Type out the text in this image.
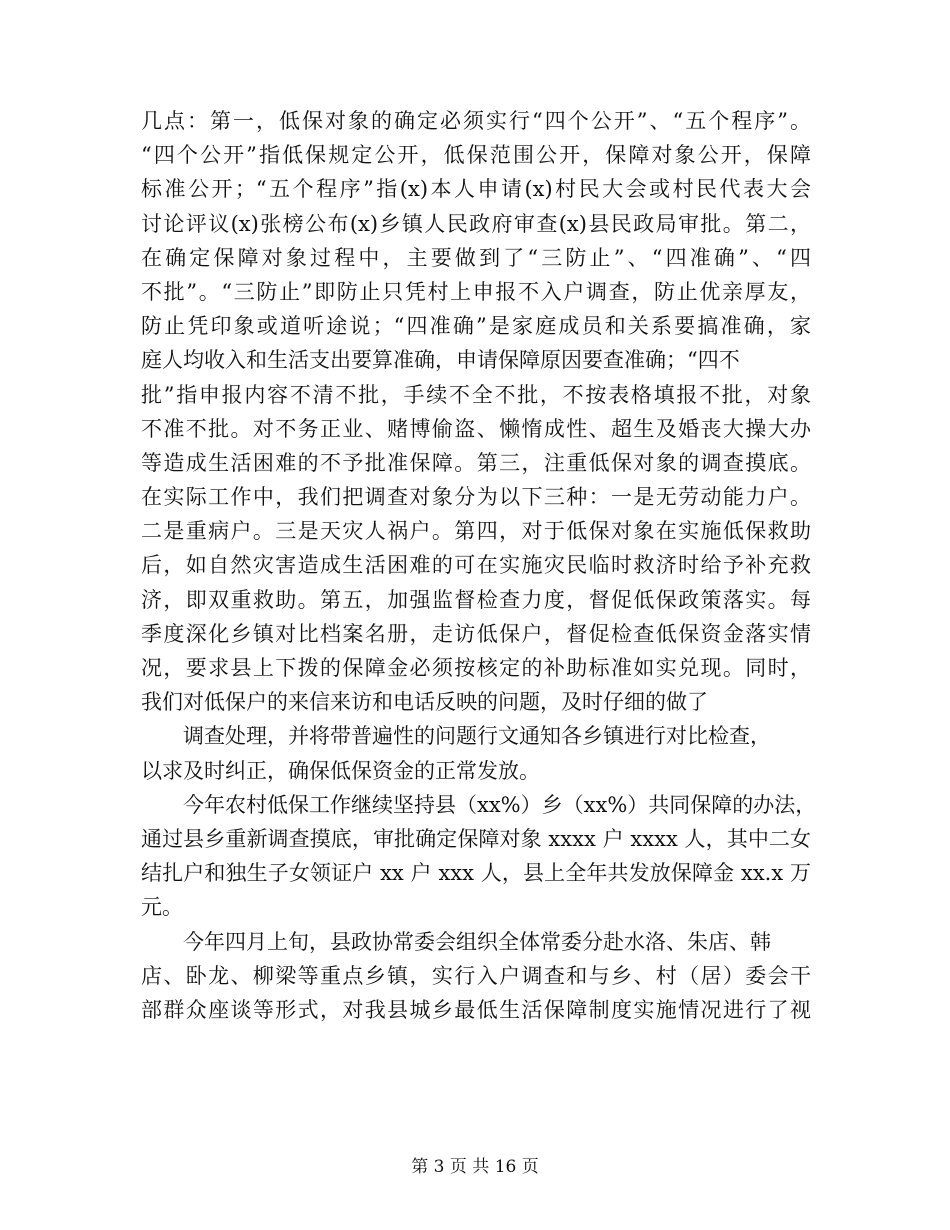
几点：第一，低保对象的确定必须实行“四个公开”、“五个程序”。
“四个公开”指低保规定公开，低保范围公开，保障对象公开，保障
标准公开；“五个程序”指(x)本人申请(x)村民大会或村民代表大会
讨论评议(x)张榜公布(x)乡镇人民政府审查(x)县民政局审批。第二，
在确定保障对象过程中，主要做到了“三防止”、“四准确”、“四
不批”。“三防止”即防止只凭村上申报不入户调查，防止优亲厚友，
防止凭印象或道听途说；“四准确”是家庭成员和关系要搞准确，家
庭人均收入和生活支出要算准确，申请保障原因要查准确；“四不
批”指申报内容不清不批，手续不全不批，不按表格填报不批，对象
不准不批。对不务正业、赌博偷盗、懒惰成性、超生及婚丧大操大办
等造成生活困难的不予批准保障。第三，注重低保对象的调查摸底。
在实际工作中，我们把调查对象分为以下三种：一是无劳动能力户。
二是重病户。三是天灾人祸户。第四，对于低保对象在实施低保救助
后，如自然灾害造成生活困难的可在实施灾民临时救济时给予补充救
济，即双重救助。第五，加强监督检查力度，督促低保政策落实。每
季度深化乡镇对比档案名册，走访低保户，督促检查低保资金落实情
况，要求县上下拨的保障金必须按核定的补助标准如实兑现。同时，
我们对低保户的来信来访和电话反映的问题，及时仔细的做了
调查处理，并将带普遍性的问题行文通知各乡镇进行对比检查，
以求及时纠正，确保低保资金的正常发放。
今年农村低保工作继续坚持县（xx%）乡（xx%）共同保障的办法，
通过县乡重新调查摸底，审批确定保障对象 xxxx 户 xxxx 人，其中二女
结扎户和独生子女领证户 xx 户 xxx 人，县上全年共发放保障金 xx.x 万
元。
今年四月上旬，县政协常委会组织全体常委分赴水洛、朱店、韩
店、卧龙、柳梁等重点乡镇，实行入户调查和与乡、村（居）委会干
部群众座谈等形式，对我县城乡最低生活保障制度实施情况进行了视
第 3 页 共 16 页
